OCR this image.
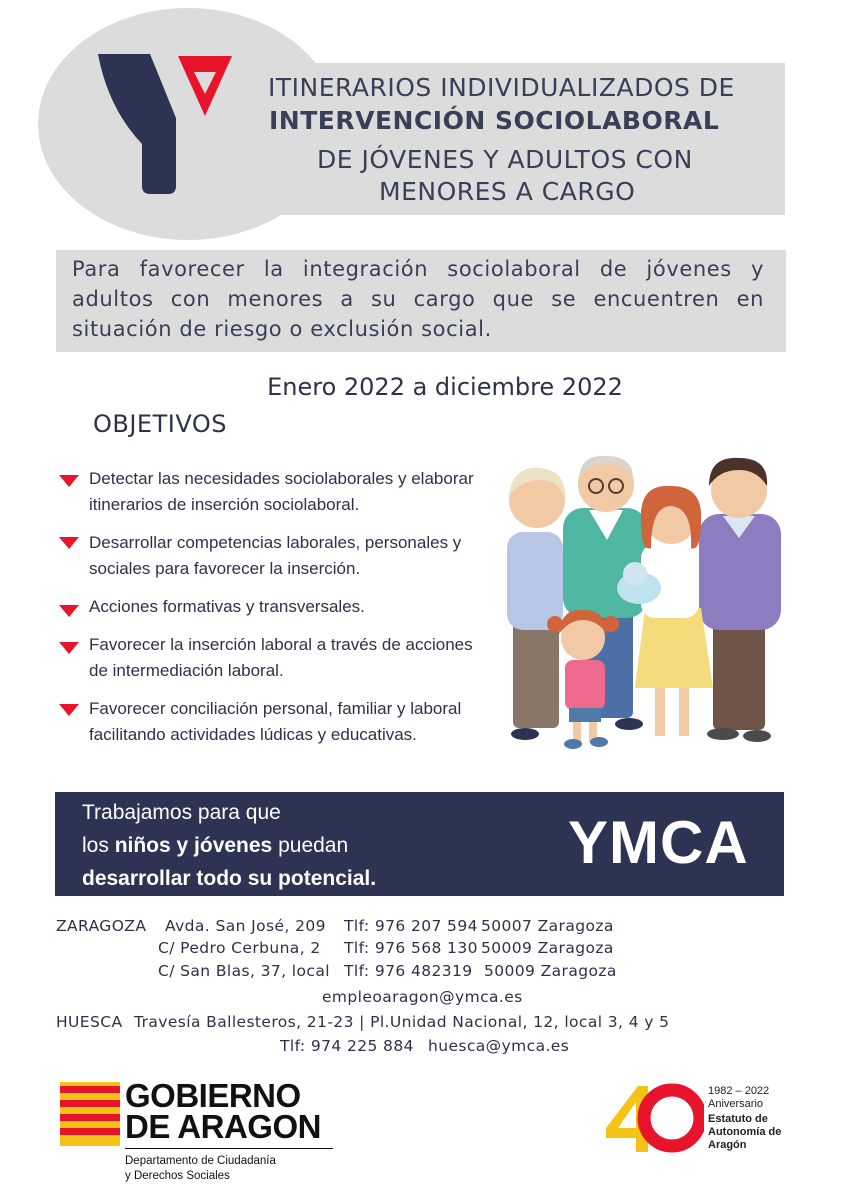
ITINERARIOS INDIVIDUALIZADOS DE
INTERVENCIÓN SOCIOLABORAL
DE JÓVENES Y ADULTOS CON
MENORES A CARGO
Para favorecer la integración sociolaboral de jóvenes y adultos con menores a su cargo que se encuentren en situación de riesgo o exclusión social.
Enero 2022 a diciembre 2022
OBJETIVOS
Detectar las necesidades sociolaborales y elaborar itinerarios de inserción sociolaboral.
Desarrollar competencias laborales, personales y sociales para favorecer la inserción.
Acciones formativas y transversales.
Favorecer la inserción laboral a través de acciones de intermediación laboral.
Favorecer conciliación personal, familiar y laboral facilitando actividades lúdicas y educativas.
Trabajamos para que
los niños y jóvenes puedan
desarrollar todo su potencial.
YMCA
ZARAGOZA Avda. San José, 209 Tlf: 976 207 594 50007 Zaragoza
C/ Pedro Cerbuna, 2 Tlf: 976 568 130 50009 Zaragoza
C/ San Blas, 37, local Tlf: 976 482319 50009 Zaragoza
empleoaragon@ymca.es
HUESCA Travesía Ballesteros, 21-23 | Pl.Unidad Nacional, 12, local 3, 4 y 5
Tlf: 974 225 884 huesca@ymca.es
GOBIERNO
DE ARAGON
Departamento de Ciudadanía
y Derechos Sociales
1982 – 2022
Aniversario
Estatuto de
Autonomía de
Aragón
